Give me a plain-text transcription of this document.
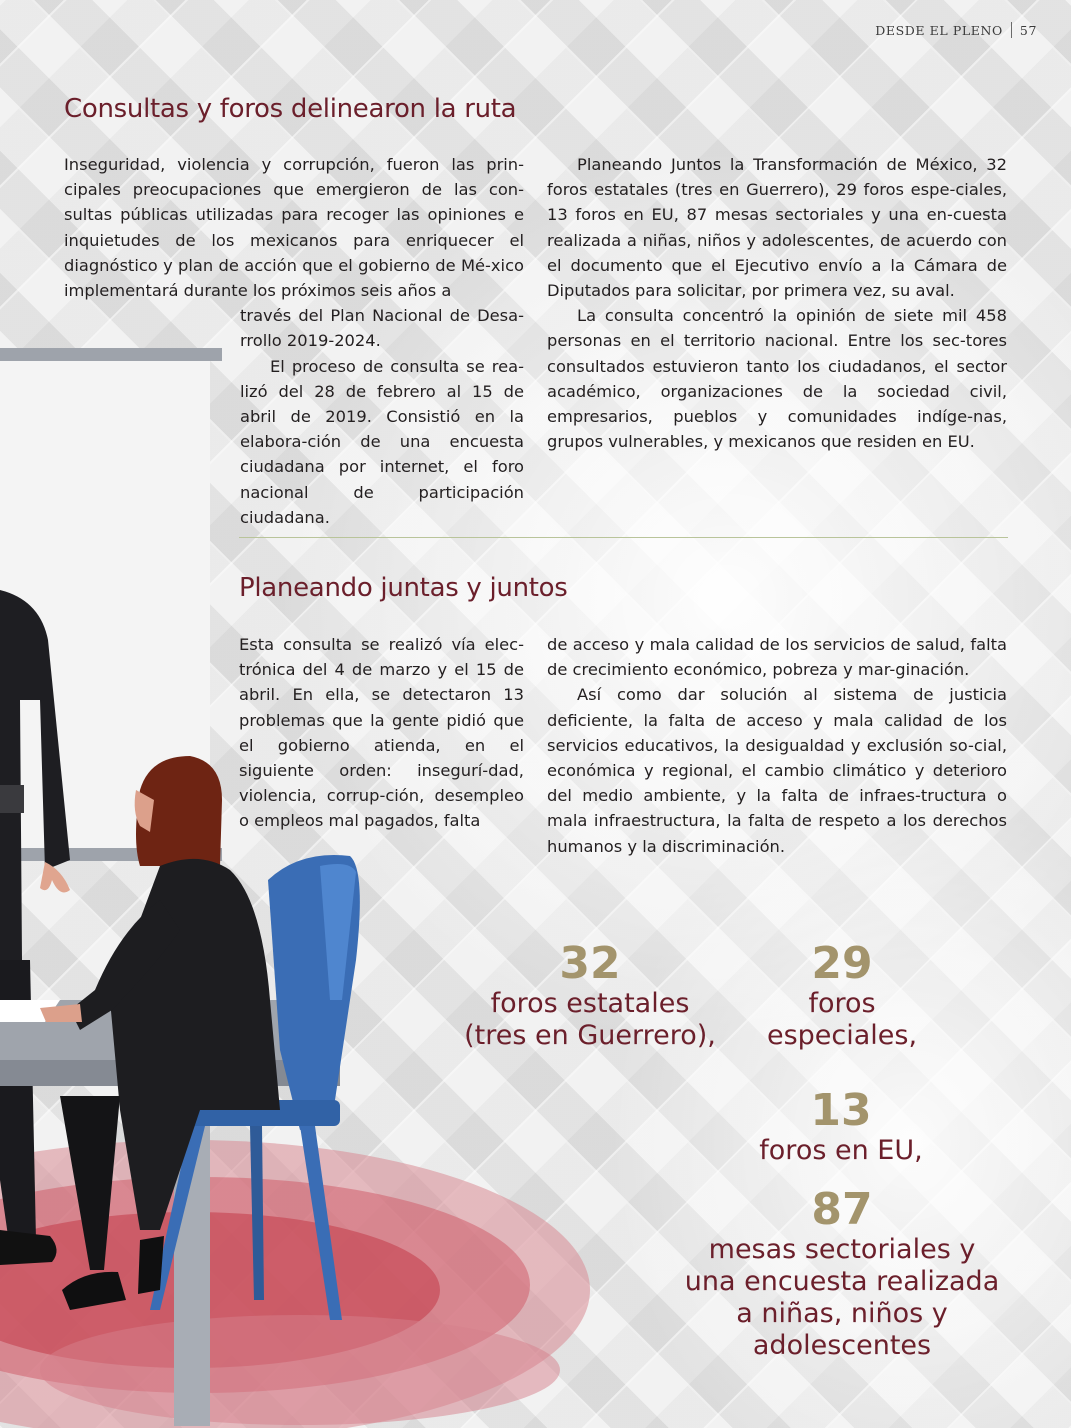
DESDE EL PLENO 57
Consultas y foros delinearon la ruta

Inseguridad, violencia y corrupción, fueron las prin-cipales preocupaciones que emergieron de las con-sultas públicas utilizadas para recoger las opiniones e inquietudes de los mexicanos para enriquecer el diagnóstico y plan de acción que el gobierno de Mé-xico implementará durante los próximos seis años a

través del Plan Nacional de Desa-rrollo 2019-2024.

El proceso de consulta se rea-lizó del 28 de febrero al 15 de abril de 2019. Consistió en la elabora-ción de una encuesta ciudadana por internet, el foro nacional de participación ciudadana.

Planeando Juntos la Transformación de México, 32 foros estatales (tres en Guerrero), 29 foros espe-ciales, 13 foros en EU, 87 mesas sectoriales y una en-cuesta realizada a niñas, niños y adolescentes, de acuerdo con el documento que el Ejecutivo envío a la Cámara de Diputados para solicitar, por primera vez, su aval.

La consulta concentró la opinión de siete mil 458 personas en el territorio nacional. Entre los sec-tores consultados estuvieron tanto los ciudadanos, el sector académico, organizaciones de la sociedad civil, empresarios, pueblos y comunidades indíge-nas, grupos vulnerables, y mexicanos que residen en EU.

Planeando juntas y juntos

Esta consulta se realizó vía elec-trónica del 4 de marzo y el 15 de abril. En ella, se detectaron 13 problemas que la gente pidió que el gobierno atienda, en el siguiente orden: insegurí-dad, violencia, corrup-ción, desempleo o empleos mal pagados, falta

de acceso y mala calidad de los servicios de salud, falta de crecimiento económico, pobreza y mar-ginación.

Así como dar solución al sistema de justicia deficiente, la falta de acceso y mala calidad de los servicios educativos, la desigualdad y exclusión so-cial, económica y regional, el cambio climático y deterioro del medio ambiente, y la falta de infraes-tructura o mala infraestructura, la falta de respeto a los derechos humanos y la discriminación.

32
foros estatales
(tres en Guerrero),
29
foros
especiales,
13
foros en EU,
87
mesas sectoriales y
una encuesta realizada
a niñas, niños y
adolescentes
